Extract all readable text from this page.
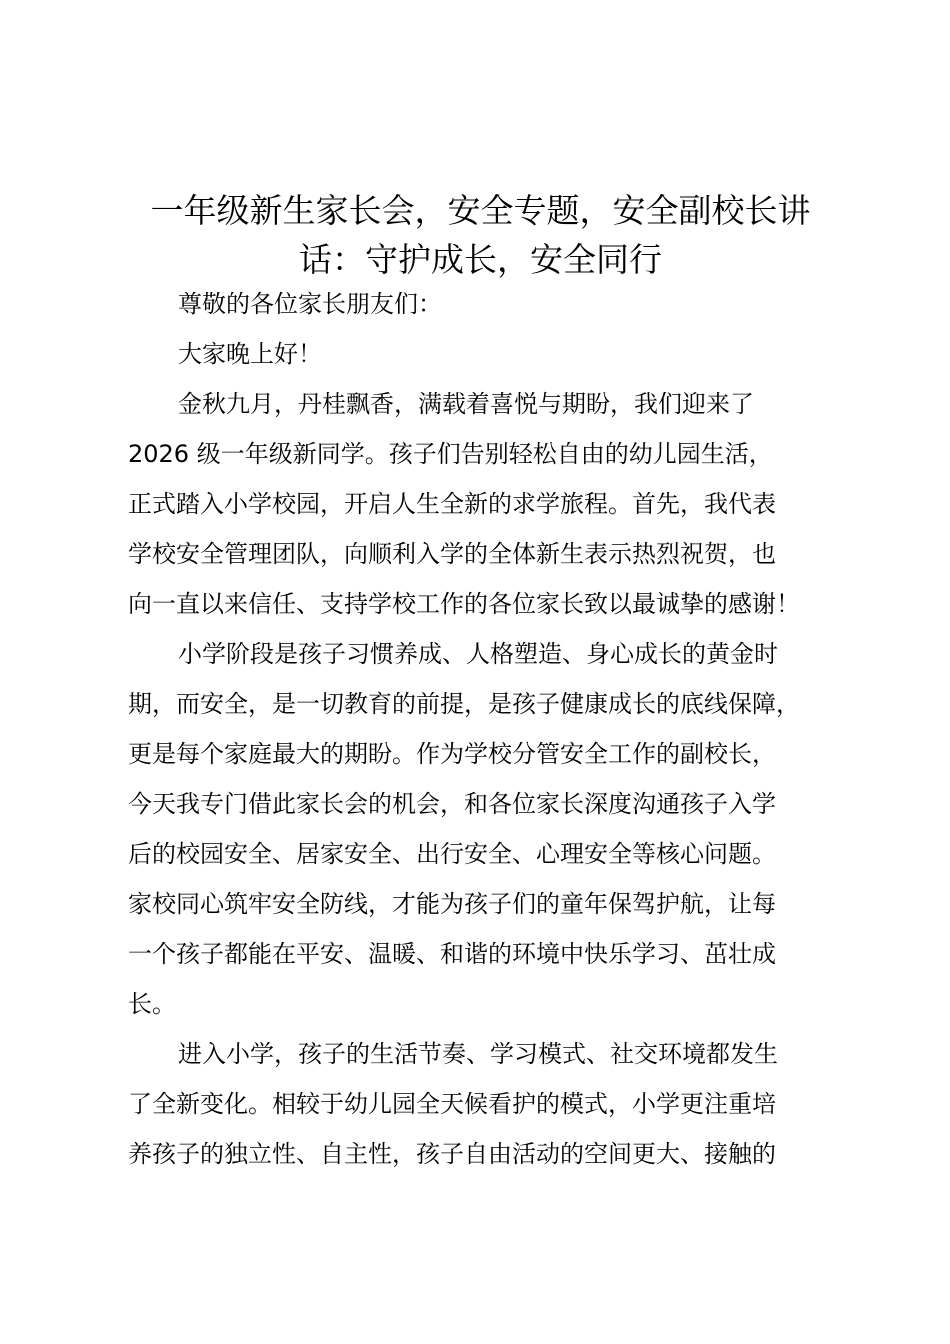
一年级新生家长会，安全专题，安全副校长讲话：守护成长，安全同行

尊敬的各位家长朋友们：

大家晚上好！

金秋九月，丹桂飘香，满载着喜悦与期盼，我们迎来了

2026 级一年级新同学。孩子们告别轻松自由的幼儿园生活，

正式踏入小学校园，开启人生全新的求学旅程。首先，我代表

学校安全管理团队，向顺利入学的全体新生表示热烈祝贺，也

向一直以来信任、支持学校工作的各位家长致以最诚挚的感谢！

小学阶段是孩子习惯养成、人格塑造、身心成长的黄金时

期，而安全，是一切教育的前提，是孩子健康成长的底线保障，

更是每个家庭最大的期盼。作为学校分管安全工作的副校长，

今天我专门借此家长会的机会，和各位家长深度沟通孩子入学

后的校园安全、居家安全、出行安全、心理安全等核心问题。

家校同心筑牢安全防线，才能为孩子们的童年保驾护航，让每

一个孩子都能在平安、温暖、和谐的环境中快乐学习、茁壮成

长。

进入小学，孩子的生活节奏、学习模式、社交环境都发生

了全新变化。相较于幼儿园全天候看护的模式，小学更注重培

养孩子的独立性、自主性，孩子自由活动的空间更大、接触的
